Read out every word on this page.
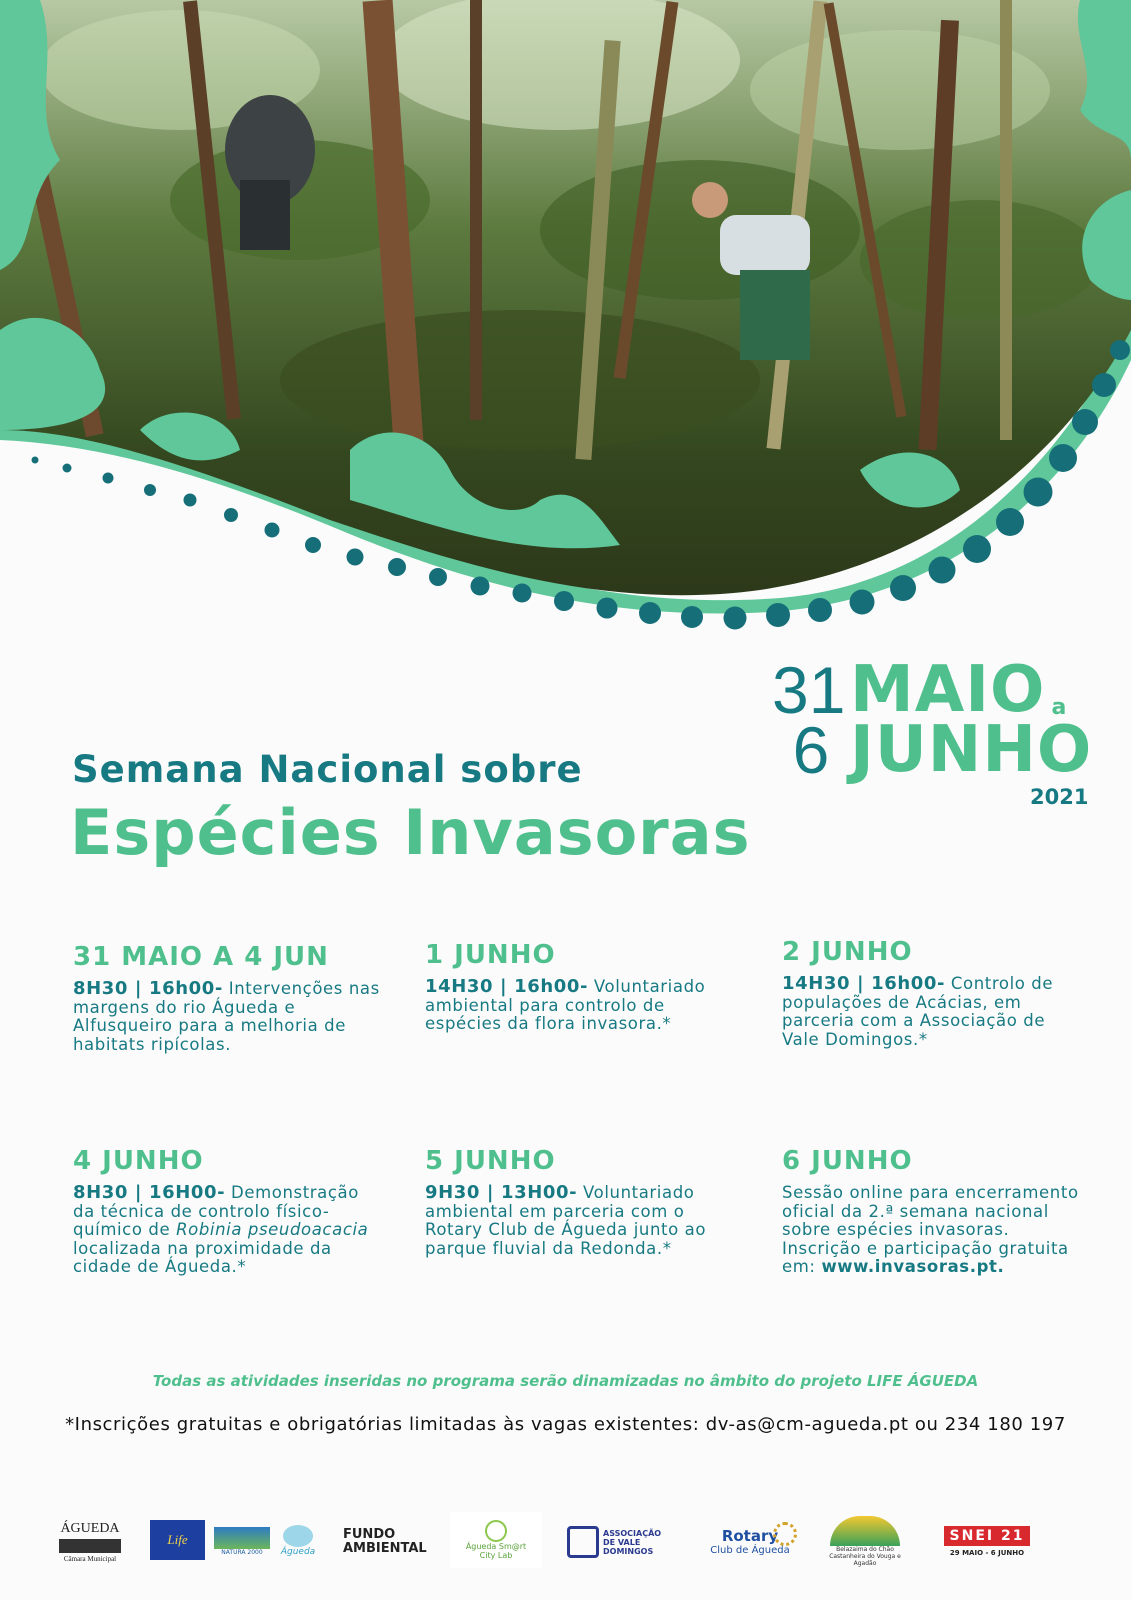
31 MAIO a
6 JUNHO
2021
Semana Nacional sobre
Espécies Invasoras

31 MAIO A 4 JUN

8H30 | 16h00- Intervenções nas margens do rio Águeda e Alfusqueiro para a melhoria de habitats ripícolas.

1 JUNHO

14H30 | 16h00- Voluntariado ambiental para controlo de espécies da flora invasora.*

2 JUNHO

14H30 | 16h00- Controlo de populações de Acácias, em parceria com a Associação de Vale Domingos.*

4 JUNHO

8H30 | 16H00- Demonstração da técnica de controlo físico-químico de Robinia pseudoacacia localizada na proximidade da cidade de Águeda.*

5 JUNHO

9H30 | 13H00- Voluntariado ambiental em parceria com o Rotary Club de Águeda junto ao parque fluvial da Redonda.*

6 JUNHO

Sessão online para encerramento oficial da 2.ª semana nacional sobre espécies invasoras. Inscrição e participação gratuita em: www.invasoras.pt.

Todas as atividades inseridas no programa serão dinamizadas no âmbito do projeto LIFE ÁGUEDA
*Inscrições gratuitas e obrigatórias limitadas às vagas existentes: dv-as@cm-agueda.pt ou 234 180 197
ÁGUEDA
Câmara Municipal
Life
NATURA 2000 Águeda
FUNDO
AMBIENTAL	Águeda Sm@rt
City Lab
ASSOCIAÇÃO DE VALE DOMINGOS
Rotary
Club de Águeda	Belazaima do Chão Castanheira do Vouga e Agadão
SNEI 21
29 MAIO - 6 JUNHO
